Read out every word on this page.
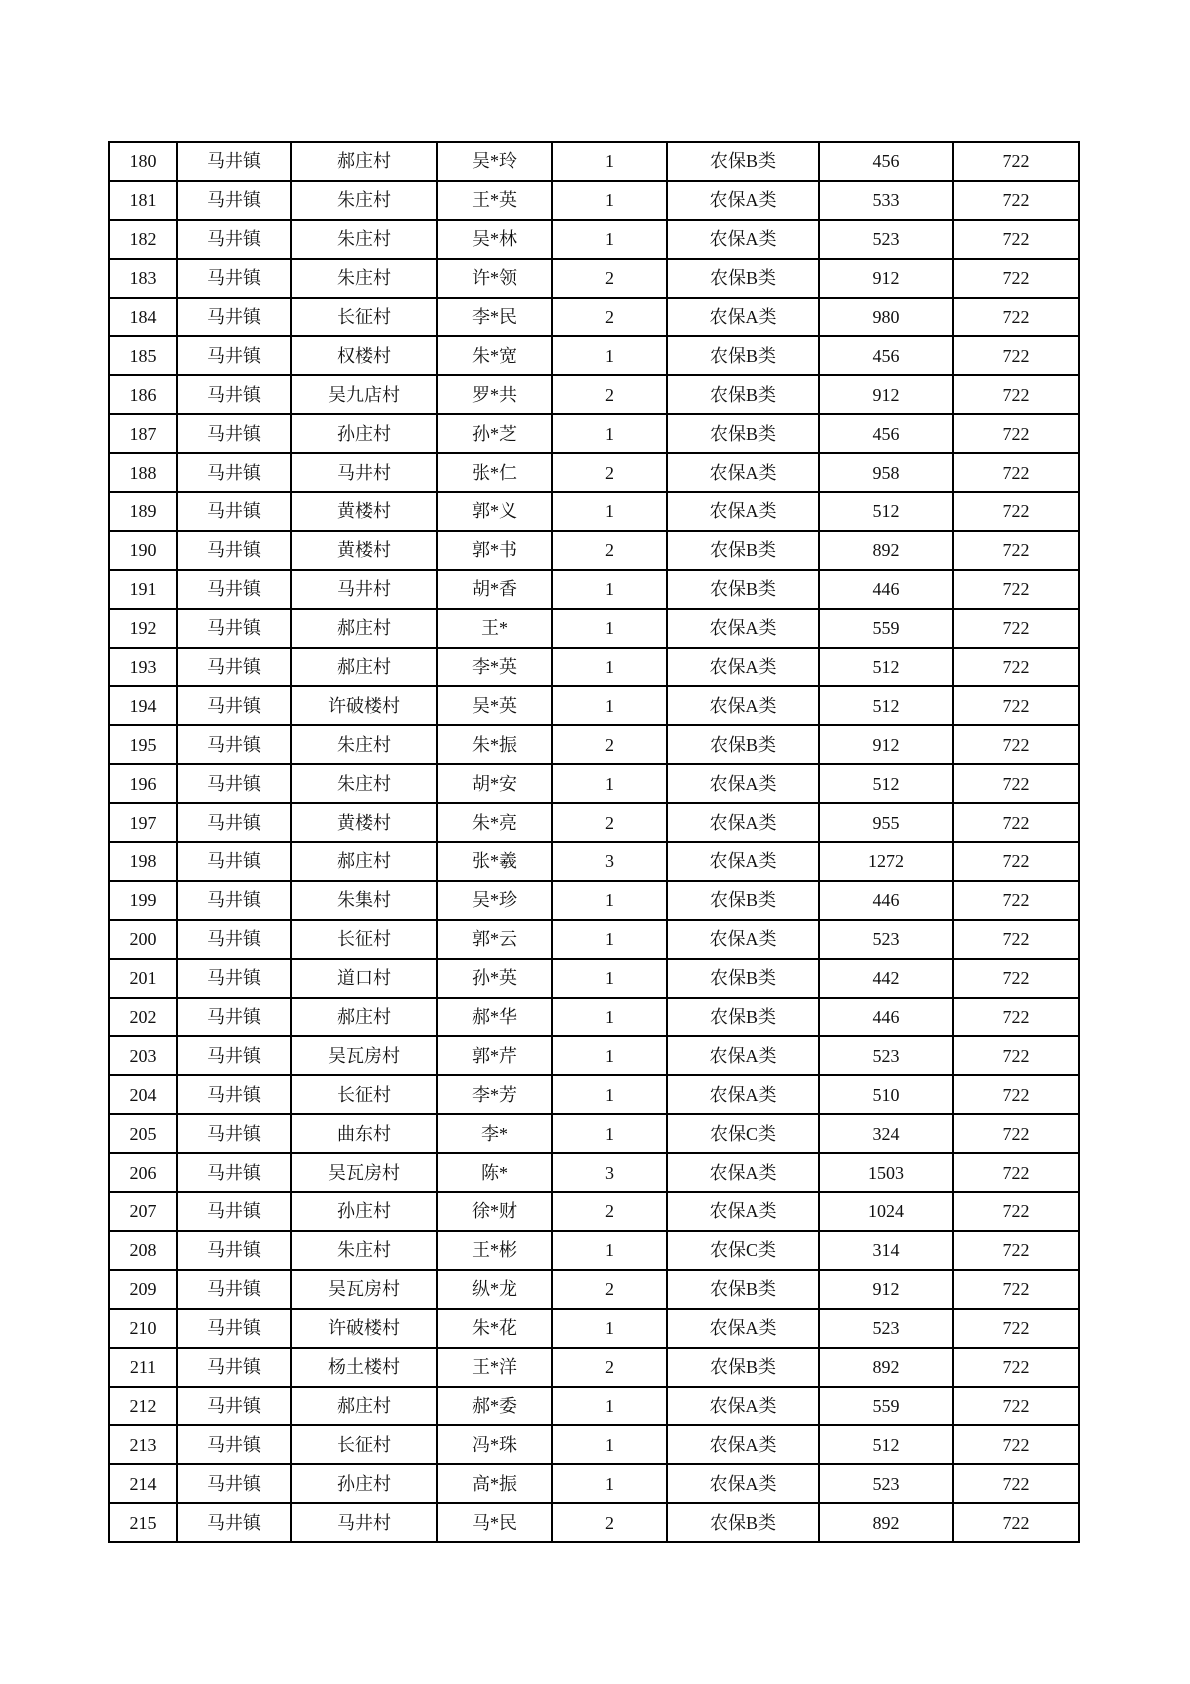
180	马井镇	郝庄村	吴*玲	1	农保B类	456	722
181	马井镇	朱庄村	王*英	1	农保A类	533	722
182	马井镇	朱庄村	吴*林	1	农保A类	523	722
183	马井镇	朱庄村	许*领	2	农保B类	912	722
184	马井镇	长征村	李*民	2	农保A类	980	722
185	马井镇	权楼村	朱*宽	1	农保B类	456	722
186	马井镇	吴九店村	罗*共	2	农保B类	912	722
187	马井镇	孙庄村	孙*芝	1	农保B类	456	722
188	马井镇	马井村	张*仁	2	农保A类	958	722
189	马井镇	黄楼村	郭*义	1	农保A类	512	722
190	马井镇	黄楼村	郭*书	2	农保B类	892	722
191	马井镇	马井村	胡*香	1	农保B类	446	722
192	马井镇	郝庄村	王*	1	农保A类	559	722
193	马井镇	郝庄村	李*英	1	农保A类	512	722
194	马井镇	许破楼村	吴*英	1	农保A类	512	722
195	马井镇	朱庄村	朱*振	2	农保B类	912	722
196	马井镇	朱庄村	胡*安	1	农保A类	512	722
197	马井镇	黄楼村	朱*亮	2	农保A类	955	722
198	马井镇	郝庄村	张*羲	3	农保A类	1272	722
199	马井镇	朱集村	吴*珍	1	农保B类	446	722
200	马井镇	长征村	郭*云	1	农保A类	523	722
201	马井镇	道口村	孙*英	1	农保B类	442	722
202	马井镇	郝庄村	郝*华	1	农保B类	446	722
203	马井镇	吴瓦房村	郭*芹	1	农保A类	523	722
204	马井镇	长征村	李*芳	1	农保A类	510	722
205	马井镇	曲东村	李*	1	农保C类	324	722
206	马井镇	吴瓦房村	陈*	3	农保A类	1503	722
207	马井镇	孙庄村	徐*财	2	农保A类	1024	722
208	马井镇	朱庄村	王*彬	1	农保C类	314	722
209	马井镇	吴瓦房村	纵*龙	2	农保B类	912	722
210	马井镇	许破楼村	朱*花	1	农保A类	523	722
211	马井镇	杨土楼村	王*洋	2	农保B类	892	722
212	马井镇	郝庄村	郝*委	1	农保A类	559	722
213	马井镇	长征村	冯*珠	1	农保A类	512	722
214	马井镇	孙庄村	高*振	1	农保A类	523	722
215	马井镇	马井村	马*民	2	农保B类	892	722
